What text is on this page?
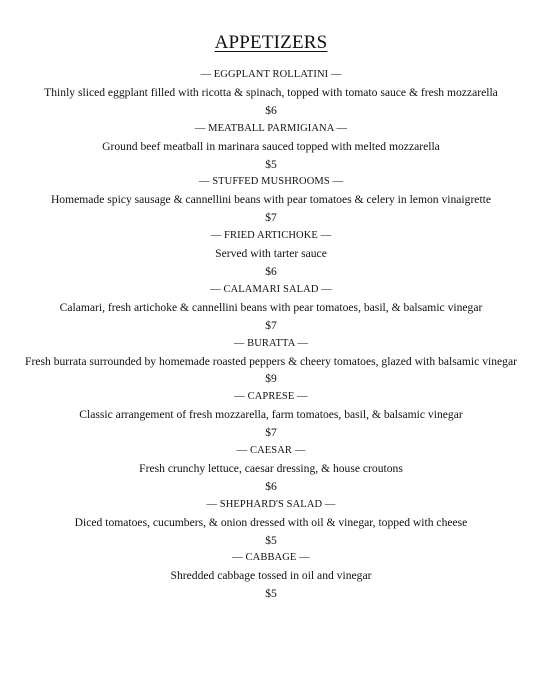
APPETIZERS
— EGGPLANT ROLLATINI —
Thinly sliced eggplant filled with ricotta & spinach, topped with tomato sauce & fresh mozzarella
$6
— MEATBALL PARMIGIANA —
Ground beef meatball in marinara sauced topped with melted mozzarella
$5
— STUFFED MUSHROOMS —
Homemade spicy sausage & cannellini beans with pear tomatoes & celery in lemon vinaigrette
$7
— FRIED ARTICHOKE —
Served with tarter sauce
$6
— CALAMARI SALAD —
Calamari, fresh artichoke & cannellini beans with pear tomatoes, basil, & balsamic vinegar
$7
— BURATTA —
Fresh burrata surrounded by homemade roasted peppers & cheery tomatoes, glazed with balsamic vinegar
$9
— CAPRESE —
Classic arrangement of fresh mozzarella, farm tomatoes, basil, & balsamic vinegar
$7
— CAESAR —
Fresh crunchy lettuce, caesar dressing, & house croutons
$6
— SHEPHARD'S SALAD —
Diced tomatoes, cucumbers, & onion dressed with oil & vinegar, topped with cheese
$5
— CABBAGE —
Shredded cabbage tossed in oil and vinegar
$5
